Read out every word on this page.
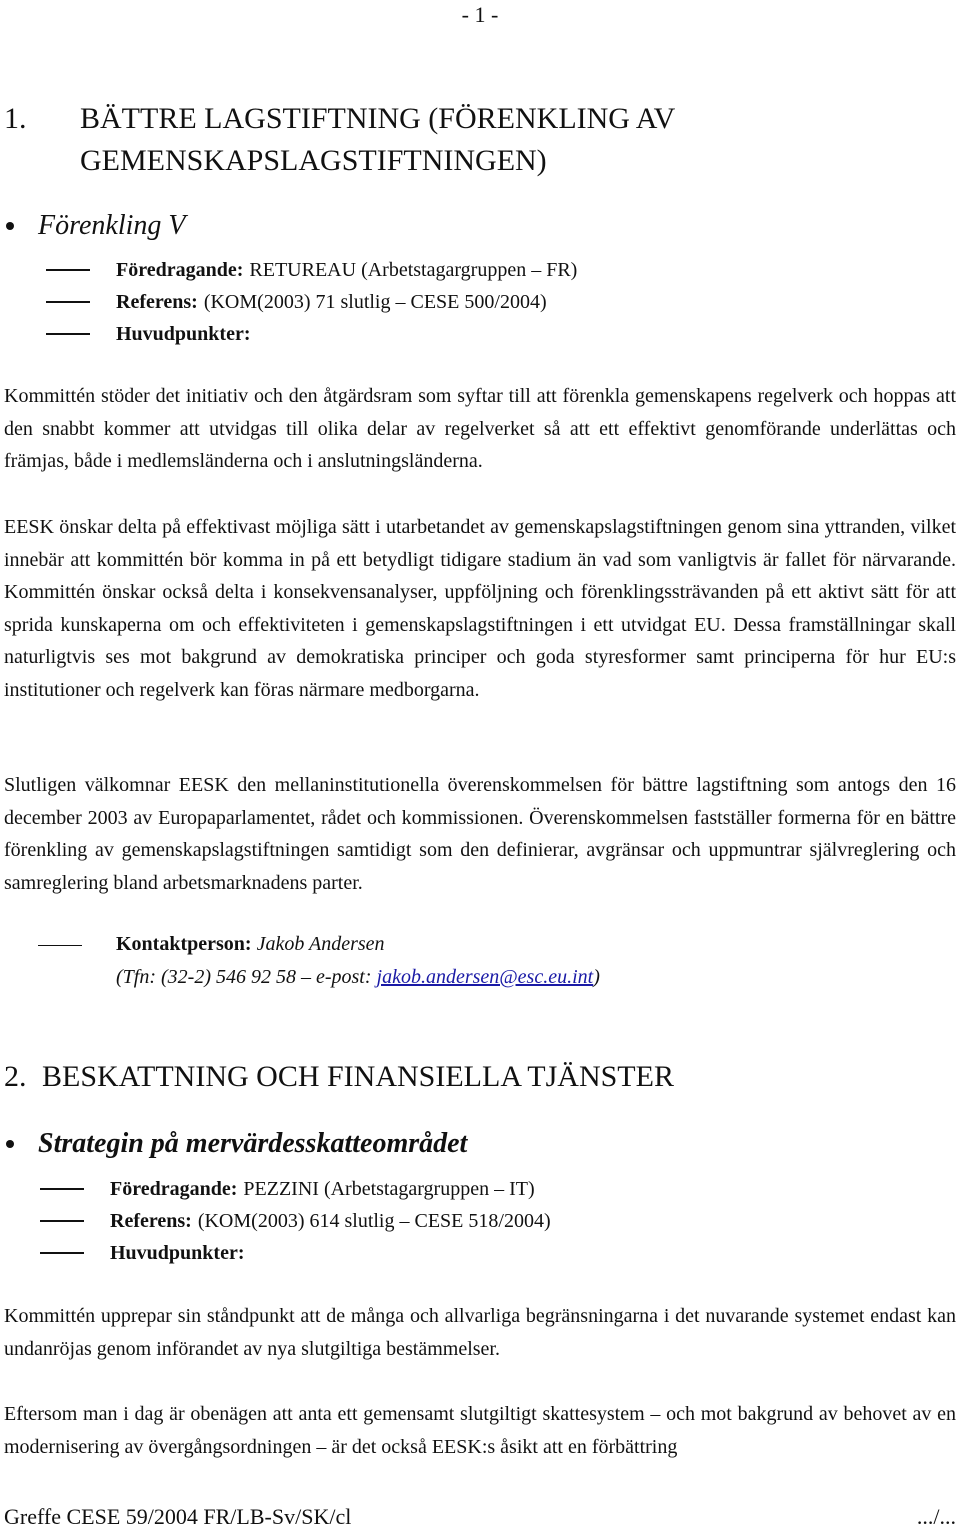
- 1 -
1. BÄTTRE LAGSTIFTNING (FÖRENKLING AV
GEMENSKAPSLAGSTIFTNINGEN)
Förenkling V
Föredragande: RETUREAU (Arbetstagargruppen – FR)
Referens: (KOM(2003) 71 slutlig – CESE 500/2004)
Huvudpunkter:
Kommittén stöder det initiativ och den åtgärdsram som syftar till att förenkla gemenskapens regelverk och hoppas att den snabbt kommer att utvidgas till olika delar av regelverket så att ett effektivt genomförande underlättas och främjas, både i medlemsländerna och i anslutningsländerna.
EESK önskar delta på effektivast möjliga sätt i utarbetandet av gemenskapslagstiftningen genom sina yttranden, vilket innebär att kommittén bör komma in på ett betydligt tidigare stadium än vad som vanligtvis är fallet för närvarande. Kommittén önskar också delta i konsekvensanalyser, uppföljning och förenklingssträvanden på ett aktivt sätt för att sprida kunskaperna om och effektiviteten i gemenskapslagstiftningen i ett utvidgat EU. Dessa framställningar skall naturligtvis ses mot bakgrund av demokratiska principer och goda styresformer samt principerna för hur EU:s institutioner och regelverk kan föras närmare medborgarna.
Slutligen välkomnar EESK den mellaninstitutionella överenskommelsen för bättre lagstiftning som antogs den 16 december 2003 av Europaparlamentet, rådet och kommissionen. Överenskommelsen fastställer formerna för en bättre förenkling av gemenskapslagstiftningen samtidigt som den definierar, avgränsar och uppmuntrar självreglering och samreglering bland arbetsmarknadens parter.
Kontaktperson: Jakob Andersen
(Tfn: (32-2) 546 92 58 – e-post: jakob.andersen@esc.eu.int)
2. BESKATTNING OCH FINANSIELLA TJÄNSTER
Strategin på mervärdesskatteområdet
Föredragande: PEZZINI (Arbetstagargruppen – IT)
Referens: (KOM(2003) 614 slutlig – CESE 518/2004)
Huvudpunkter:
Kommittén upprepar sin ståndpunkt att de många och allvarliga begränsningarna i det nuvarande systemet endast kan undanröjas genom införandet av nya slutgiltiga bestämmelser.
Eftersom man i dag är obenägen att anta ett gemensamt slutgiltigt skattesystem – och mot bakgrund av behovet av en modernisering av övergångsordningen – är det också EESK:s åsikt att en förbättring
Greffe CESE 59/2004 FR/LB-Sv/SK/cl	.../...
